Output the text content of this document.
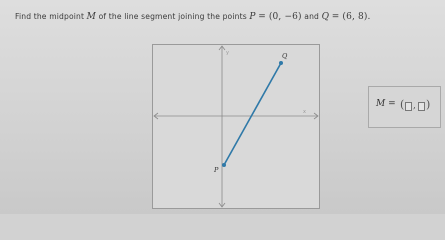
Find the midpoint M of the line segment joining the points P = (0, −6) and Q = (6, 8).
y
x
P
Q
M = ( , )
